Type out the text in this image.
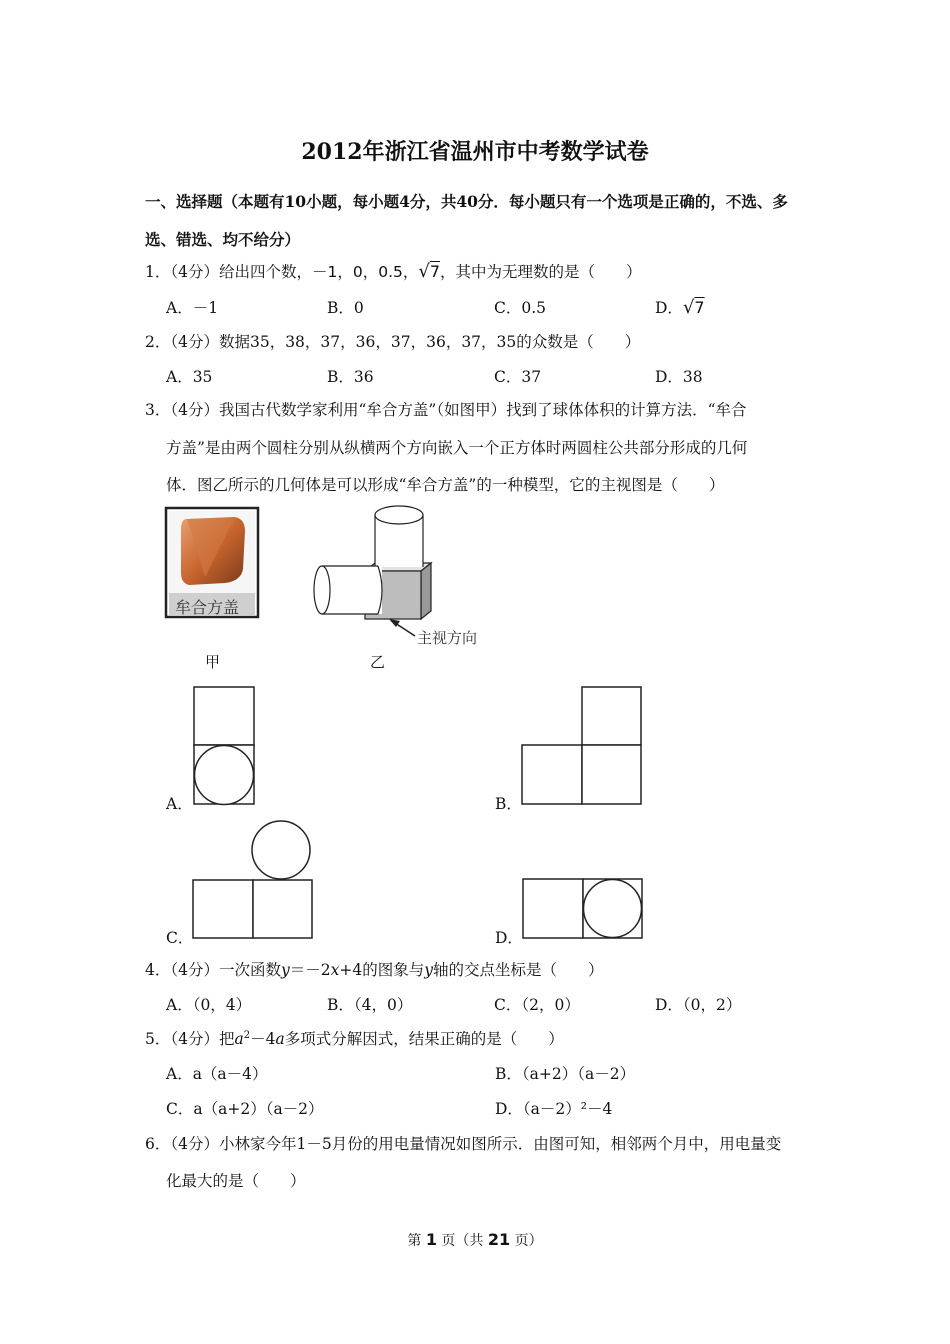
2012年浙江省温州市中考数学试卷
一、选择题（本题有10小题，每小题4分，共40分．每小题只有一个选项是正确的，不选、多
选、错选、均不给分）
1．（4分）给出四个数，－1，0，0.5，√7，其中为无理数的是（　　）
A．－1	B．0	C．0.5	D．√7
2．（4分）数据35，38，37，36，37，36，37，35的众数是（　　）
A．35	B．36	C．37	D．38
3．（4分）我国古代数学家利用“牟合方盖”（如图甲）找到了球体体积的计算方法．“牟合
方盖”是由两个圆柱分别从纵横两个方向嵌入一个正方体时两圆柱公共部分形成的几何
体．图乙所示的几何体是可以形成“牟合方盖”的一种模型，它的主视图是（　　）
牟合方盖
甲
主视方向
乙
A．	B．
C．	D．
4．（4分）一次函数y＝－2x+4的图象与y轴的交点坐标是（　　）
A．（0，4）	B．（4，0）	C．（2，0）	D．（0，2）
5．（4分）把$a^2-4a$多项式分解因式，结果正确的是（　　）
A．a（a－4）	B．（a+2）（a－2）
C．a（a+2）（a－2）	D．（a－2）²－4
6．（4分）小林家今年1－5月份的用电量情况如图所示．由图可知，相邻两个月中，用电量变
化最大的是（　　）
第 1 页（共 21 页）
